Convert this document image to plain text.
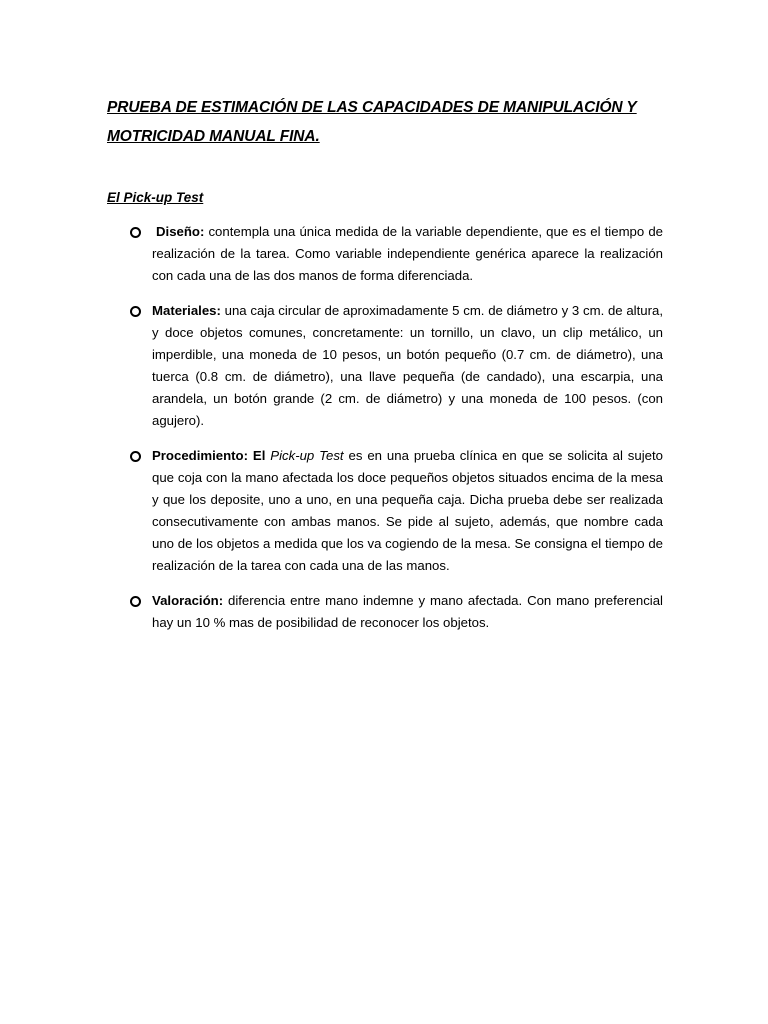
PRUEBA DE ESTIMACIÓN DE LAS CAPACIDADES DE MANIPULACIÓN Y MOTRICIDAD MANUAL FINA.
El Pick-up Test
Diseño: contempla una única medida de la variable dependiente, que es el tiempo de realización de la tarea. Como variable independiente genérica aparece la realización con cada una de las dos manos de forma diferenciada.
Materiales: una caja circular de aproximadamente 5 cm. de diámetro y 3 cm. de altura, y doce objetos comunes, concretamente: un tornillo, un clavo, un clip metálico, un imperdible, una moneda de 10 pesos, un botón pequeño (0.7 cm. de diámetro), una tuerca (0.8 cm. de diámetro), una llave pequeña (de candado), una escarpia, una arandela, un botón grande (2 cm. de diámetro) y una moneda de 100 pesos. (con agujero).
Procedimiento: El Pick-up Test es en una prueba clínica en que se solicita al sujeto que coja con la mano afectada los doce pequeños objetos situados encima de la mesa y que los deposite, uno a uno, en una pequeña caja. Dicha prueba debe ser realizada consecutivamente con ambas manos. Se pide al sujeto, además, que nombre cada uno de los objetos a medida que los va cogiendo de la mesa. Se consigna el tiempo de realización de la tarea con cada una de las manos.
Valoración: diferencia entre mano indemne y mano afectada. Con mano preferencial hay un 10 % mas de posibilidad de reconocer los objetos.
